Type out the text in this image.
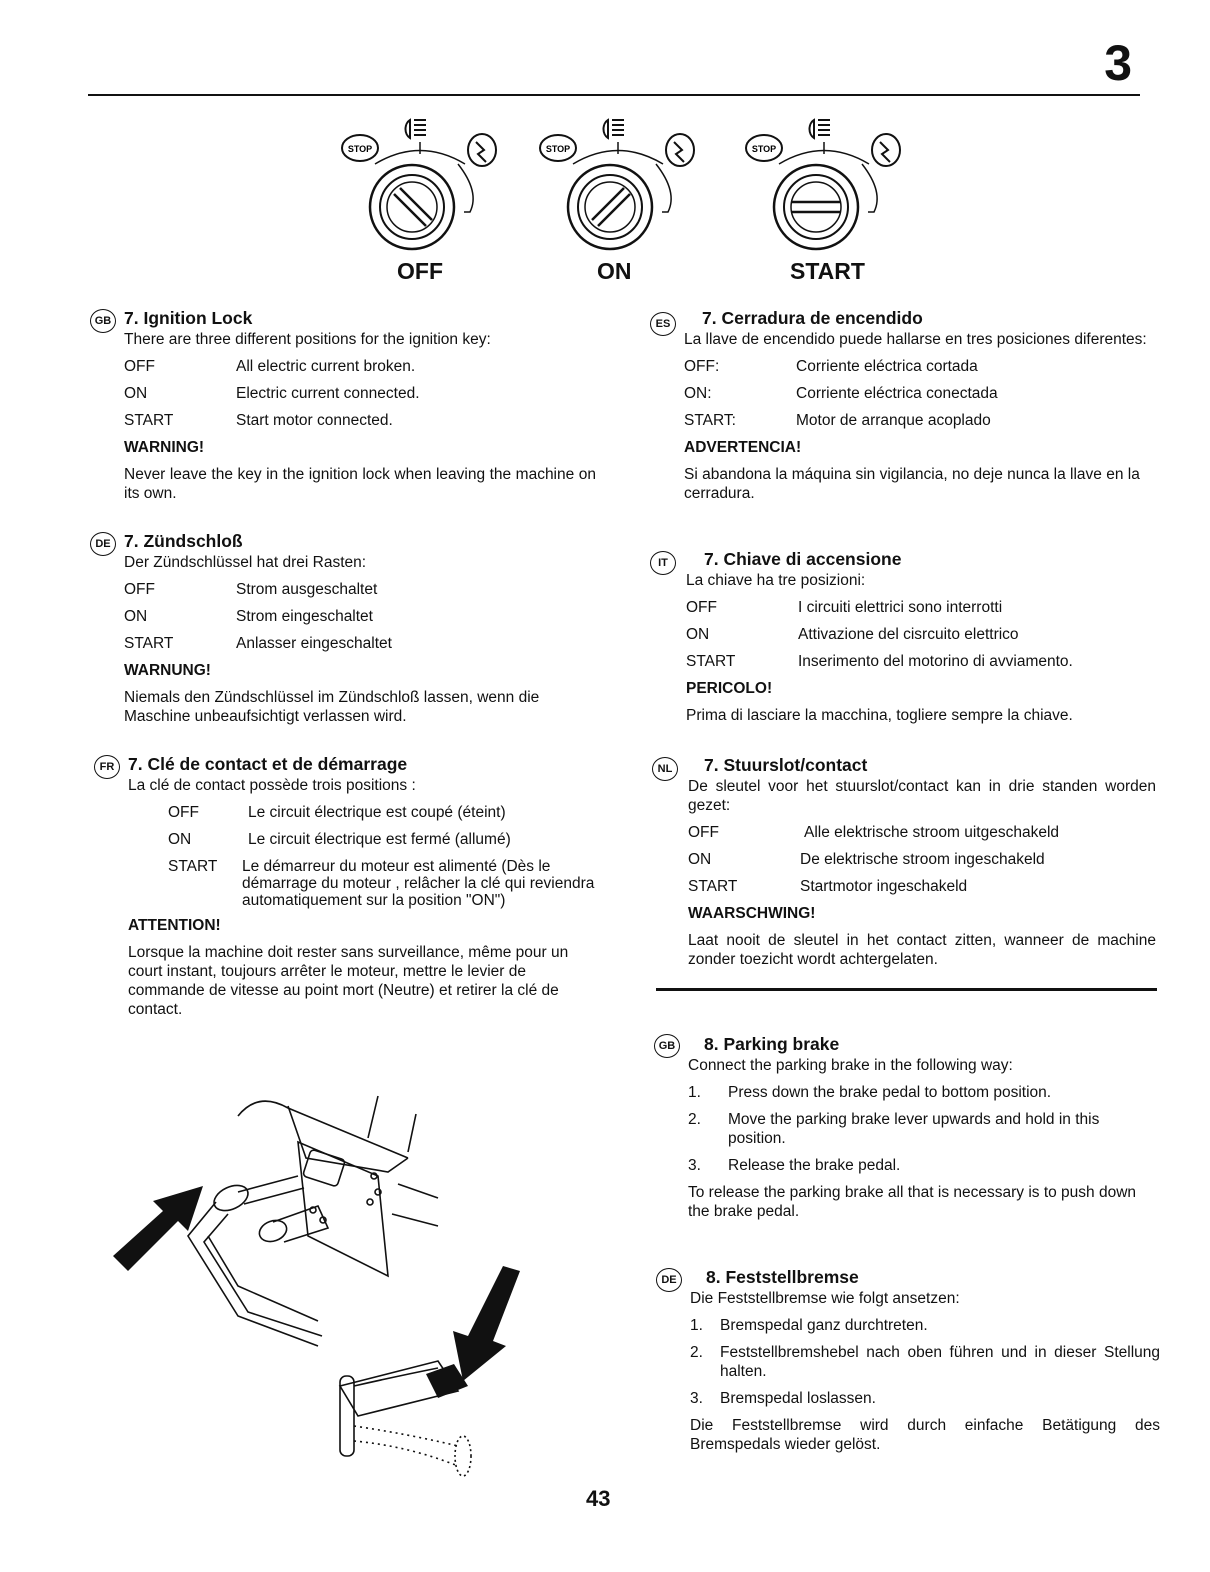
3
STOP	STOP	STOP
OFF	ON	START
GB 7. Ignition Lock

There are three different positions for the ignition key:

OFF	All electric current broken.
ON	Electric current connected.
START	Start motor connected.
WARNING!

Never leave the key in the ignition lock when leaving the machine on its own.

DE 7. Zündschloß

Der Zündschlüssel hat drei Rasten:

OFF	Strom ausgeschaltet
ON	Strom eingeschaltet
START	Anlasser eingeschaltet
WARNUNG!

Niemals den Zündschlüssel im Zündschloß lassen, wenn die Maschine unbeaufsichtigt verlassen wird.

FR 7. Clé de contact et de démarrage

La clé de contact possède trois positions :

OFF	Le circuit électrique est coupé (éteint)
ON	Le circuit électrique est fermé (allumé)
START	Le démarreur du moteur est alimenté (Dès le démarrage du moteur , relâcher la clé qui reviendra automatiquement sur la position "ON")
ATTENTION!

Lorsque la machine doit rester sans surveillance, même pour un court instant, toujours arrêter le moteur, mettre le levier de commande de vitesse au point mort (Neutre) et retirer la clé de contact.

ES	7. Cerradura de encendido

La llave de encendido puede hallarse en tres posiciones diferentes:

OFF:	Corriente eléctrica cortada
ON:	Corriente eléctrica conectada
START:	Motor de arranque acoplado
ADVERTENCIA!

Si abandona la máquina sin vigilancia, no deje nunca la llave en la cerradura.

IT	7. Chiave di accensione

La chiave ha tre posizioni:

OFF	I circuiti elettrici sono interrotti
ON	Attivazione del cisrcuito elettrico
START	Inserimento del motorino di avviamento.
PERICOLO!

Prima di lasciare la macchina, togliere sempre la chiave.

NL	7. Stuurslot/contact

De sleutel voor het stuurslot/contact kan in drie standen worden gezet:

OFF	Alle elektrische stroom uitgeschakeld
ON	De elektrische stroom ingeschakeld
START	Startmotor ingeschakeld
WAARSCHWING!

Laat nooit de sleutel in het contact zitten, wanneer de machine zonder toezicht wordt achtergelaten.

GB 8. Parking brake

Connect the parking brake in the following way:

1.	Press down the brake pedal to bottom position.
2.	Move the parking brake lever upwards and hold in this position.
3.	Release the brake pedal.

To release the parking brake all that is necessary is to push down the brake pedal.

DE	8. Feststellbremse

Die Feststellbremse wie folgt ansetzen:

1.	Bremspedal ganz durchtreten.
2.	Feststellbremshebel nach oben führen und in dieser Stellung halten.
3.	Bremspedal loslassen.

Die Feststellbremse wird durch einfache Betätigung des Bremspedals wieder gelöst.

43
